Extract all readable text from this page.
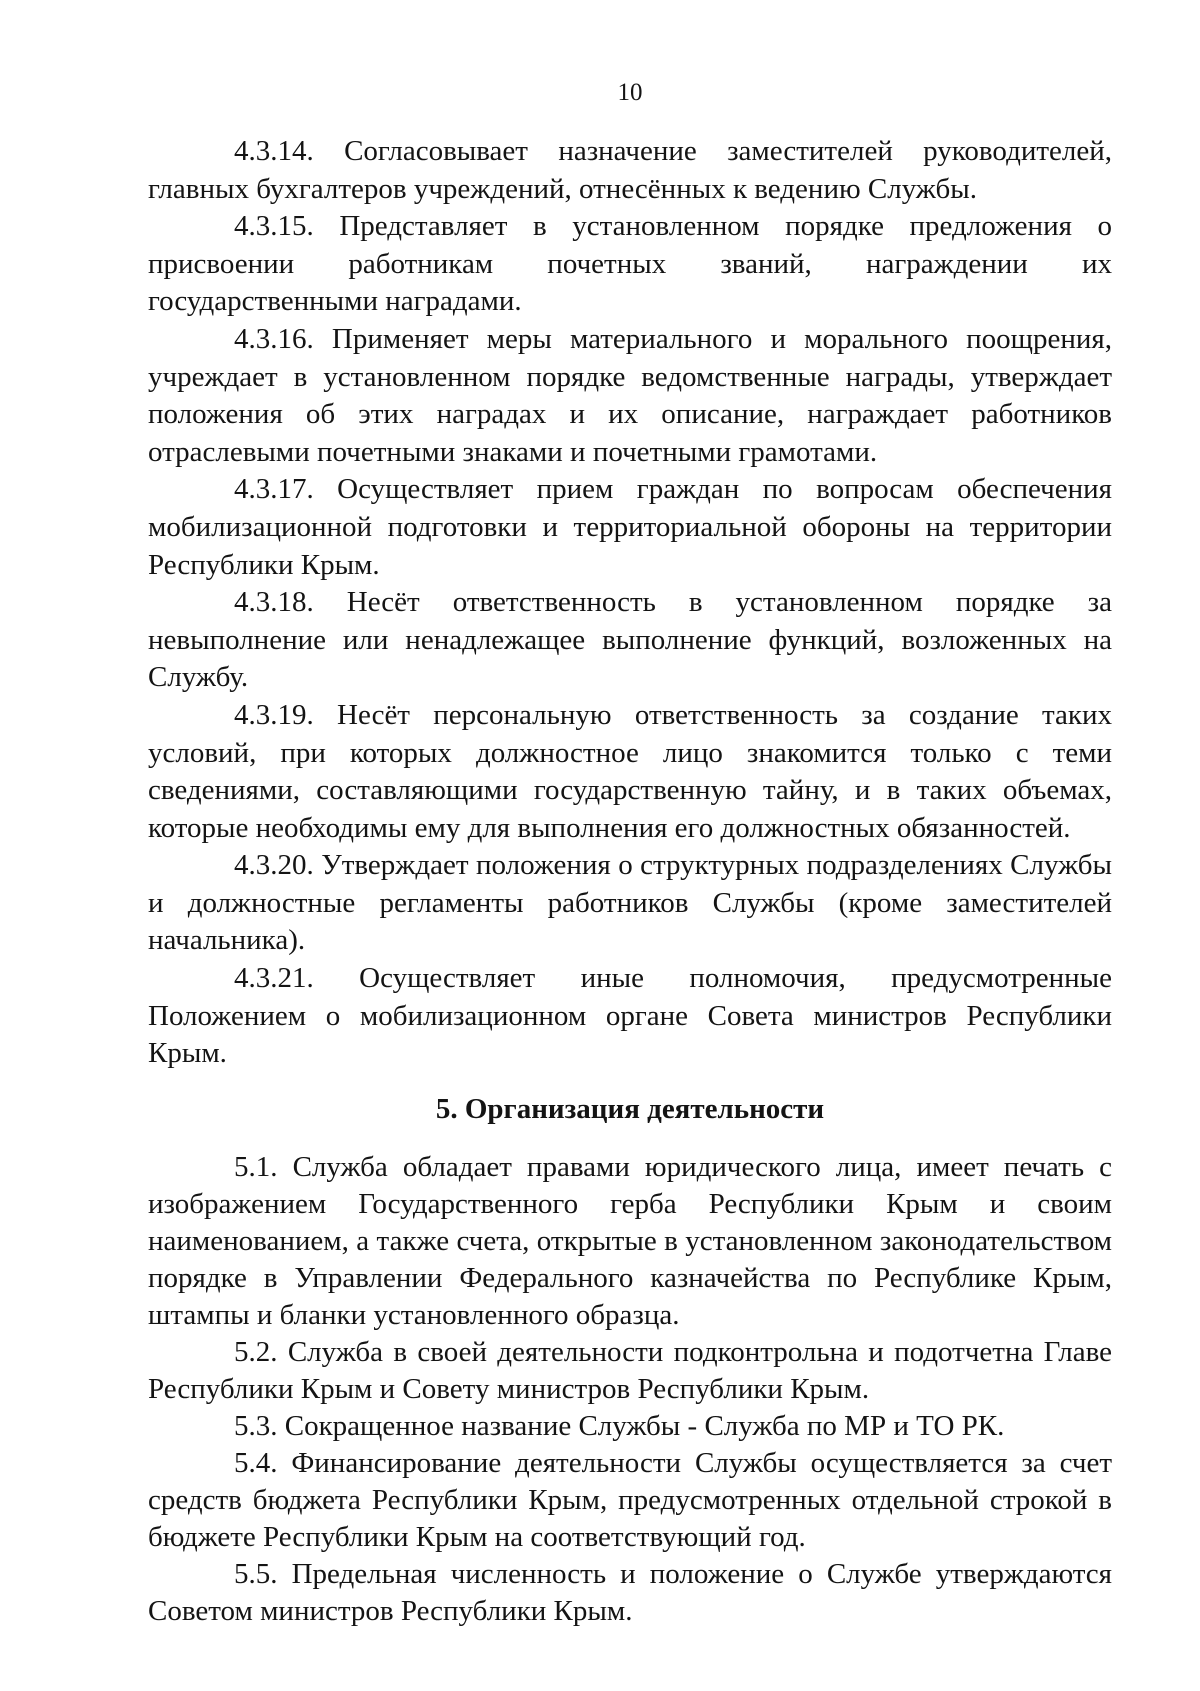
10

4.3.14. Согласовывает назначение заместителей руководителей, главных бухгалтеров учреждений, отнесённых к ведению Службы.

4.3.15. Представляет в установленном порядке предложения о присвоении работникам почетных званий, награждении их государственными наградами.

4.3.16. Применяет меры материального и морального поощрения, учреждает в установленном порядке ведомственные награды, утверждает положения об этих наградах и их описание, награждает работников отраслевыми почетными знаками и почетными грамотами.

4.3.17. Осуществляет прием граждан по вопросам обеспечения мобилизационной подготовки и территориальной обороны на территории Республики Крым.

4.3.18. Несёт ответственность в установленном порядке за невыполнение или ненадлежащее выполнение функций, возложенных на Службу.

4.3.19. Несёт персональную ответственность за создание таких условий, при которых должностное лицо знакомится только с теми сведениями, составляющими государственную тайну, и в таких объемах, которые необходимы ему для выполнения его должностных обязанностей.

4.3.20. Утверждает положения о структурных подразделениях Службы и должностные регламенты работников Службы (кроме заместителей начальника).

4.3.21. Осуществляет иные полномочия, предусмотренные Положением о мобилизационном органе Совета министров Республики Крым.

5. Организация деятельности

5.1. Служба обладает правами юридического лица, имеет печать с изображением Государственного герба Республики Крым и своим наименованием, а также счета, открытые в установленном законодательством порядке в Управлении Федерального казначейства по Республике Крым, штампы и бланки установленного образца.

5.2. Служба в своей деятельности подконтрольна и подотчетна Главе Республики Крым и Совету министров Республики Крым.

5.3. Сокращенное название Службы - Служба по МР и ТО РК.

5.4. Финансирование деятельности Службы осуществляется за счет средств бюджета Республики Крым, предусмотренных отдельной строкой в бюджете Республики Крым на соответствующий год.

5.5. Предельная численность и положение о Службе утверждаются Советом министров Республики Крым.
